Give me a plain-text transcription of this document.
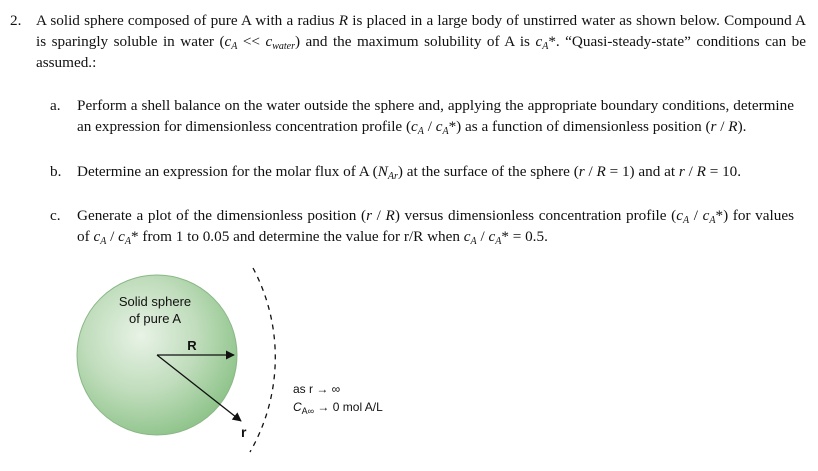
2. A solid sphere composed of pure A with a radius R is placed in a large body of unstirred water as shown below. Compound A is sparingly soluble in water $(c_A << c_{water})$ and the maximum solubility of A is $c_A*$. “Quasi-steady-state” conditions can be assumed.:
a. Perform a shell balance on the water outside the sphere and, applying the appropriate boundary conditions, determine an expression for dimensionless concentration profile $(c_A / c_A*)$ as a function of dimensionless position (r / R).
b. Determine an expression for the molar flux of A $(N_{Ar})$ at the surface of the sphere (r / R = 1) and at r / R = 10.
c. Generate a plot of the dimensionless position (r / R) versus dimensionless concentration profile $(c_A / c_A*)$ for values of $c_A / c_A*$ from 1 to 0.05 and determine the value for r/R when $c_A / c_A* = 0.5$.
Solid sphere
of pure A
R
r
as r → ∞
$C_{A\infty} \to 0$ mol A/L
